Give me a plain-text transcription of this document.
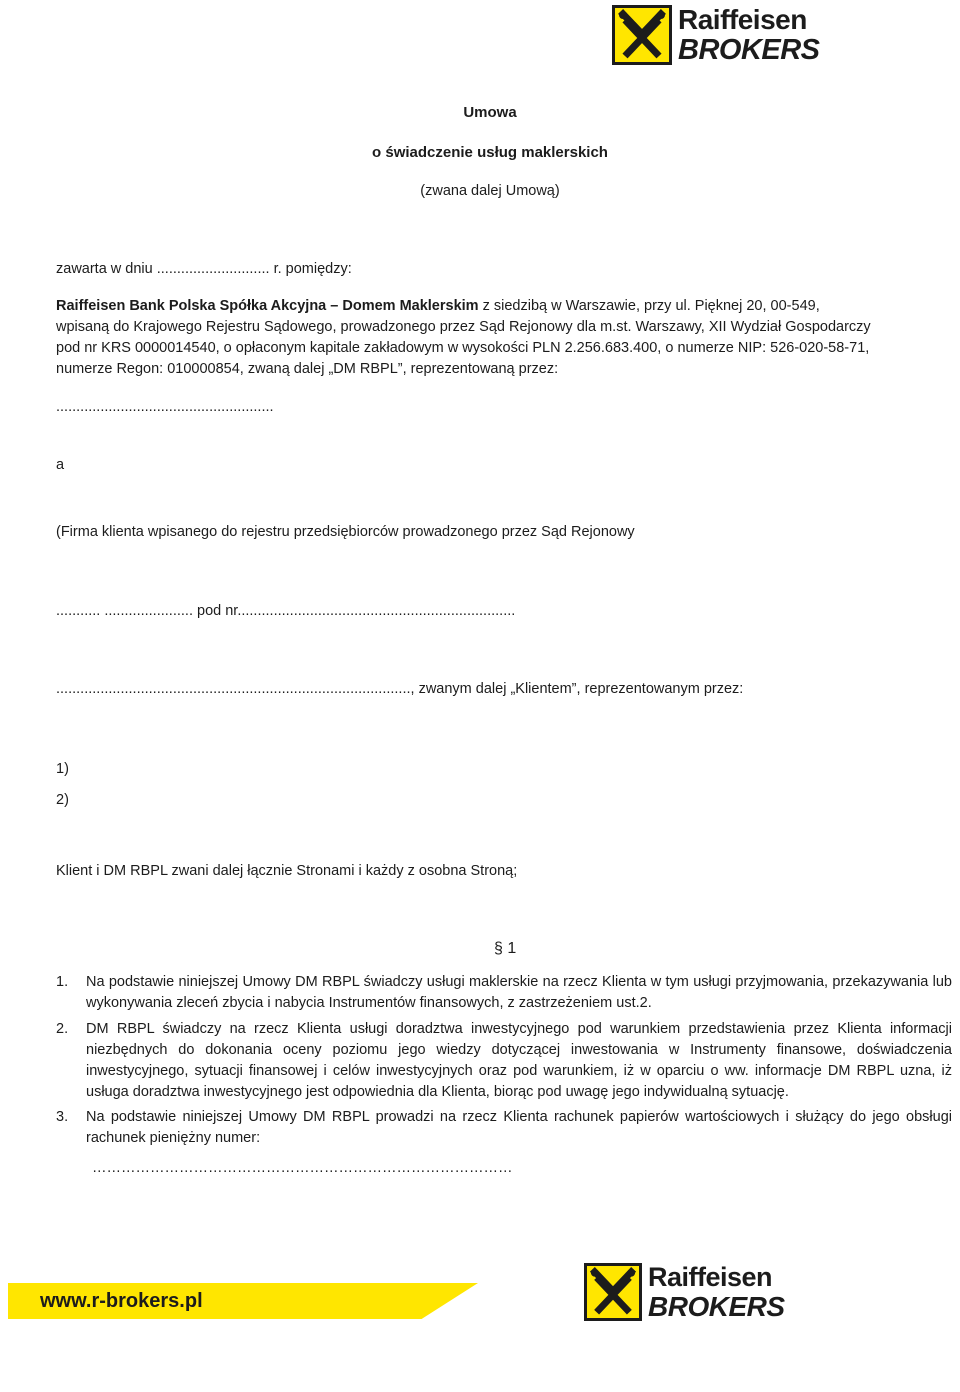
Raiffeisen
BROKERS
Umowa
o świadczenie usług maklerskich
(zwana dalej Umową)
zawarta w dniu ............................ r. pomiędzy:
Raiffeisen Bank Polska Spółka Akcyjna – Domem Maklerskim z siedzibą w Warszawie, przy ul. Pięknej 20, 00-549,
wpisaną do Krajowego Rejestru Sądowego, prowadzonego przez Sąd Rejonowy dla m.st. Warszawy, XII Wydział Gospodarczy
pod nr KRS 0000014540, o opłaconym kapitale zakładowym w wysokości PLN 2.256.683.400, o numerze NIP: 526-020-58-71,
numerze Regon: 010000854, zwaną dalej „DM RBPL”, reprezentowaną przez:
......................................................
a
(Firma klienta wpisanego do rejestru przedsiębiorców prowadzonego przez Sąd Rejonowy
........... ...................... pod nr.....................................................................
........................................................................................, zwanym dalej „Klientem”, reprezentowanym przez:
1)
2)
Klient i DM RBPL zwani dalej łącznie Stronami i każdy z osobna Stroną;
§ 1
1.	Na podstawie niniejszej Umowy DM RBPL świadczy usługi maklerskie na rzecz Klienta w tym usługi przyjmowania, przekazywania lub wykonywania zleceń zbycia i nabycia Instrumentów finansowych, z zastrzeżeniem ust.2.
2.	DM RBPL świadczy na rzecz Klienta usługi doradztwa inwestycyjnego pod warunkiem przedstawienia przez Klienta informacji niezbędnych do dokonania oceny poziomu jego wiedzy dotyczącej inwestowania w Instrumenty finansowe, doświadczenia inwestycyjnego, sytuacji finansowej i celów inwestycyjnych oraz pod warunkiem, iż w oparciu o ww. informacje DM RBPL uzna, iż usługa doradztwa inwestycyjnego jest odpowiednia dla Klienta, biorąc pod uwagę jego indywidualną sytuację.
3.	Na podstawie niniejszej Umowy DM RBPL prowadzi na rzecz Klienta rachunek papierów wartościowych i służący do jego obsługi rachunek pieniężny numer:
……………………………………………………………………………
www.r-brokers.pl
Raiffeisen
BROKERS
